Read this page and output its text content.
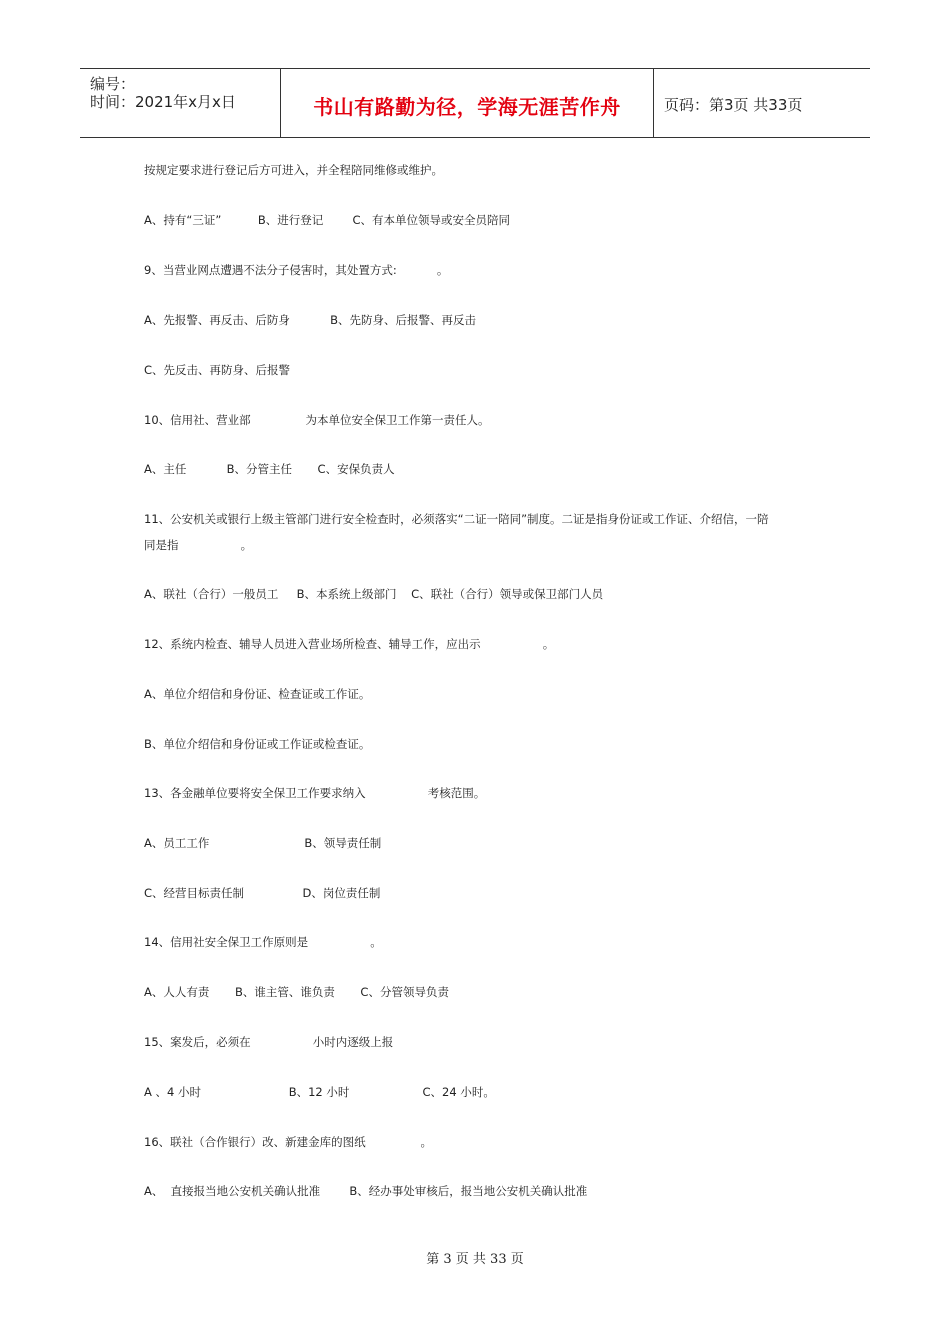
编号：
时间：2021年x月x日	书山有路勤为径，学海无涯苦作舟	页码：第3页 共33页
按规定要求进行登记后方可进入，并全程陪同维修或维护。
A、持有“三证”          B、进行登记        C、有本单位领导或安全员陪同
9、当营业网点遭遇不法分子侵害时，其处置方式:           。
A、先报警、再反击、后防身           B、先防身、后报警、再反击
C、先反击、再防身、后报警
10、信用社、营业部               为本单位安全保卫工作第一责任人。
A、主任           B、分管主任       C、安保负责人
11、公安机关或银行上级主管部门进行安全检查时，必须落实“二证一陪同”制度。二证是指身份证或工作证、介绍信，一陪
同是指                 。
A、联社（合行）一般员工     B、本系统上级部门    C、联社（合行）领导或保卫部门人员
12、系统内检查、辅导人员进入营业场所检查、辅导工作，应出示                 。
A、单位介绍信和身份证、检查证或工作证。
B、单位介绍信和身份证或工作证或检查证。
13、各金融单位要将安全保卫工作要求纳入                 考核范围。
A、员工工作                          B、领导责任制
C、经营目标责任制                D、岗位责任制
14、信用社安全保卫工作原则是                 。
A、人人有责       B、谁主管、谁负责       C、分管领导负责
15、案发后，必须在                 小时内逐级上报
A 、4 小时                        B、12 小时                    C、24 小时。
16、联社（合作银行）改、新建金库的图纸               。
A、  直接报当地公安机关确认批准        B、经办事处审核后，报当地公安机关确认批准
第 3 页 共 33 页
